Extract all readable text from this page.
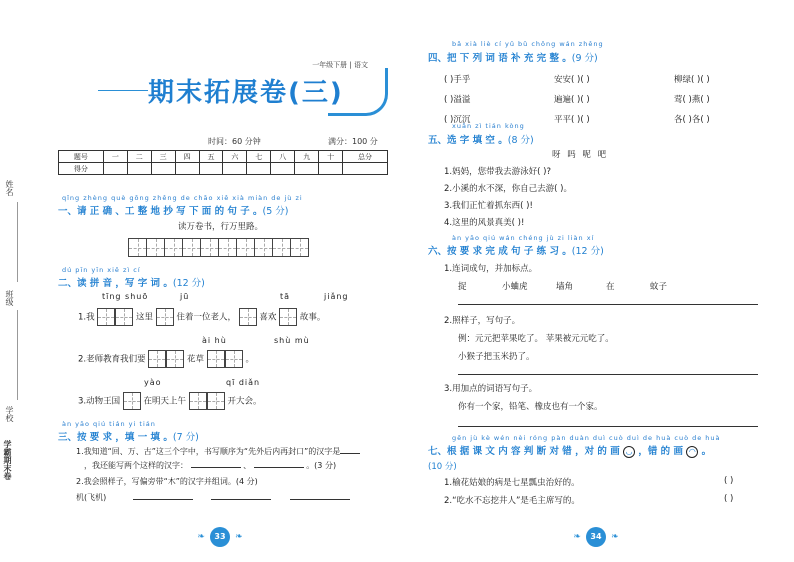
姓名
班级
学校
学霸期末卷
一年级下册 | 语文
期末拓展卷(三)
时间：60 分钟	满分：100 分
题号	一	二	三	四	五	六	七	八	九	十	总分
得分											
qǐng zhèng què gōng zhěng de chāo xiě xià miàn de jù zi
一、请 正 确 、工 整 地 抄 写 下 面 的 句 子 。(5 分)
读万卷书，行万里路。
dú pīn yīn xiě zì cí
二、读 拼 音 ，写 字 词 。(12 分)
tīng shuō	jū	tā	jiǎng
1.我	这里	住着一位老人，	喜欢	故事。
ài hù	shù mù
2.老师教育我们要	花草	。
yào	qī diǎn
3.动物王国	在明天上午	开大会。
àn yāo qiú tián yi tián
三、按 要 求 ，填 一 填 。(7 分)
1.我知道“回、万、古”这三个字中，书写顺序为“先外后内再封口”的汉字是
，我还能写两个这样的汉字：	、	。(3 分)
2.我会照样子，写偏旁带“木”的汉字并组词。(4 分)
机(飞机)
❧ 33 ❧
bǎ xià liè cí yǔ bǔ chōng wán zhěng
四、把 下 列 词 语 补 充 完 整 。(9 分)
( )手乎	安安( )( )	柳绿( )( )
( )溢溢	遍遍( )( )	莺( )燕( )
( )沉沉	平平( )( )	各( )各( )
xuǎn zì tián kòng
五、选 字 填 空 。(8 分)
呀 吗 呢 吧
1.妈妈，您带我去游泳好( )?
2.小溪的水不深，你自己去游( )。
3.我们正忙着抓东西( )!
4.这里的风景真美( )!
àn yāo qiú wán chéng jù zi liàn xí
六、按 要 求 完 成 句 子 练 习 。(12 分)
1.连词成句，并加标点。
捉	小蛐虎	墙角	在	蚊子
2.照样子，写句子。
例：元元把苹果吃了。 苹果被元元吃了。
小猴子把玉米扔了。
3.用加点的词语写句子。
你有一个家，铅笔、橡皮也有一个家。
gēn jù kè wén nèi róng pàn duàn duì cuò duì de huà cuò de huà
七、根 据 课 文 内 容 判 断 对 错 ，对 的 画 ◡ ，错 的 画 ◠ 。
(10 分)
1.榆花姑娘的病是七星瓢虫治好的。	( )
2.“吃水不忘挖井人”是毛主席写的。	( )
❧ 34 ❧
